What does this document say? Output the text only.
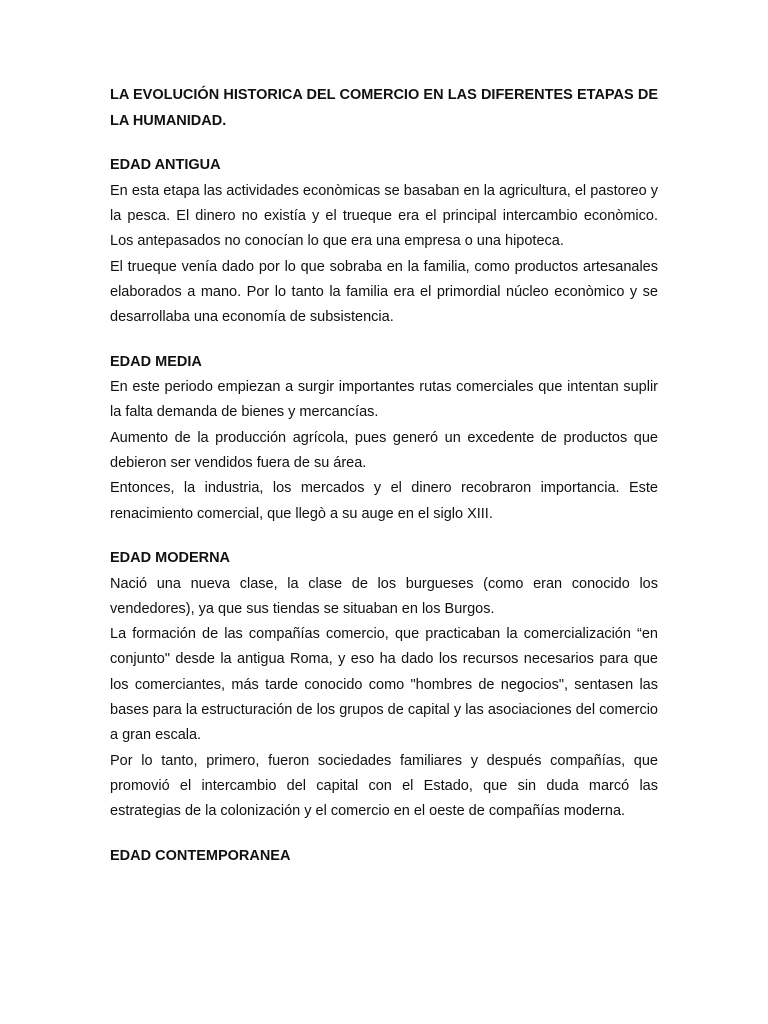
LA EVOLUCIÓN HISTORICA DEL COMERCIO EN LAS DIFERENTES ETAPAS DE LA HUMANIDAD.
EDAD ANTIGUA

En esta etapa las actividades econòmicas se basaban en la agricultura, el pastoreo y la pesca. El dinero no existía y el trueque era el principal intercambio econòmico. Los antepasados no conocían lo que era una empresa o una hipoteca.

El trueque venía dado por lo que sobraba en la familia, como productos artesanales elaborados a mano. Por lo tanto la familia era el primordial núcleo econòmico y se desarrollaba una economía de subsistencia.

EDAD MEDIA

En este periodo empiezan a surgir importantes rutas comerciales que intentan suplir la falta demanda de bienes y mercancías.

Aumento de la producción agrícola, pues generó un excedente de productos que debieron ser vendidos fuera de su área.

Entonces, la industria, los mercados y el dinero recobraron importancia. Este renacimiento comercial, que llegò a su auge en el siglo XIII.

EDAD MODERNA

Nació una nueva clase, la clase de los burgueses (como eran conocido los vendedores), ya que sus tiendas se situaban en los Burgos.

La formación de las compañías comercio, que practicaban la comercialización “en conjunto" desde la antigua Roma, y eso ha dado los recursos necesarios para que los comerciantes, más tarde conocido como "hombres de negocios", sentasen las bases para la estructuración de los grupos de capital y las asociaciones del comercio a gran escala.

Por lo tanto, primero, fueron sociedades familiares y después compañías, que promovió el intercambio del capital con el Estado, que sin duda marcó las estrategias de la colonización y el comercio en el oeste de compañías moderna.

EDAD CONTEMPORANEA
